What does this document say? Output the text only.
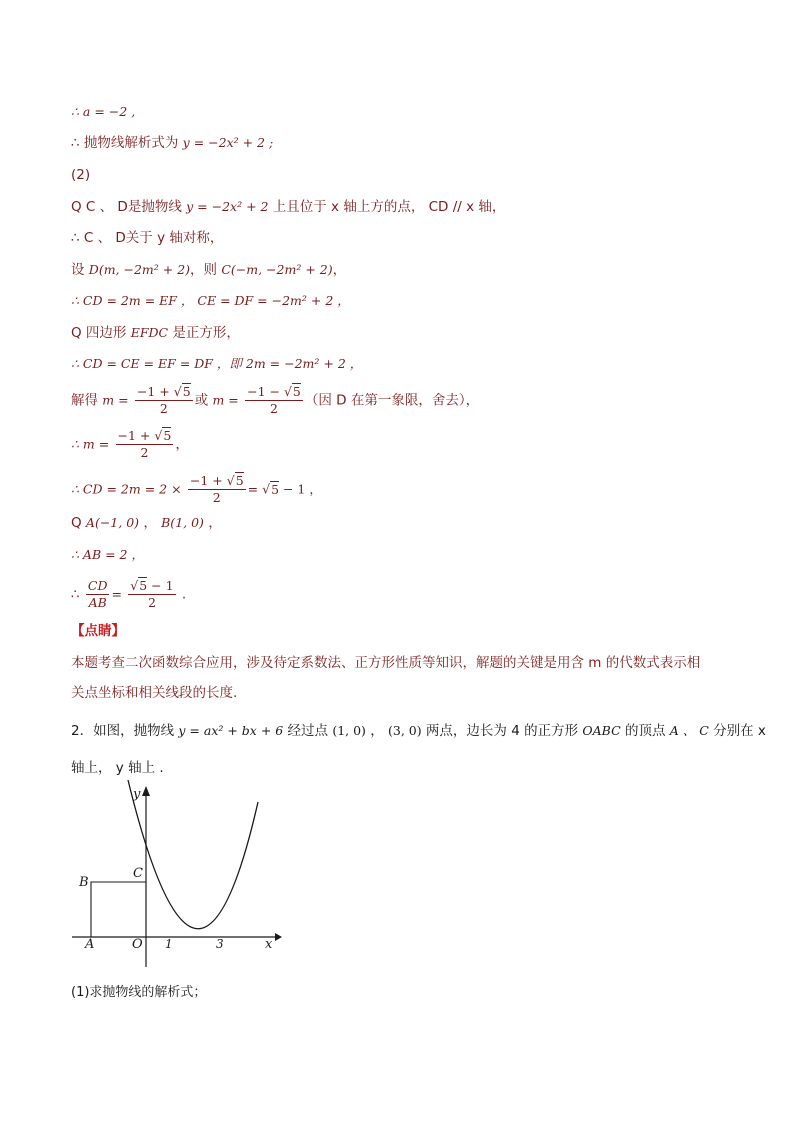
∴ a = −2 ,
∴ 抛物线解析式为 y = −2x² + 2 ;
(2)
Q C 、 D是抛物线 y = −2x² + 2 上且位于 x 轴上方的点， CD // x 轴，
∴ C 、 D关于 y 轴对称，
设 D(m, −2m² + 2)，则 C(−m, −2m² + 2)，
∴ CD = 2m = EF ， CE = DF = −2m² + 2 ，
Q 四边形 EFDC 是正方形，
∴ CD = CE = EF = DF ，即 2m = −2m² + 2 ，
解得 $m = \frac{-1 + √5}{2}$ 或 $m = \frac{-1 - √5}{2}$ （因 D 在第一象限，舍去），
∴ $m = \frac{-1 + √5}{2}$ ，
∴ CD = $2m = 2 \times \frac{-1 + √5}{2} = √5 - 1$ ，
Q A(−1, 0) ， B(1, 0) ，
∴ AB = 2 ，
∴ $\frac{CD}{AB} = \frac{√5 - 1}{2}$ .
【点睛】
本题考查二次函数综合应用，涉及待定系数法、正方形性质等知识，解题的关键是用含 m 的代数式表示相
关点坐标和相关线段的长度.
2．如图，抛物线 y = ax² + bx + 6 经过点 (1, 0) ， (3, 0) 两点，边长为 4 的正方形 OABC 的顶点 A 、 C 分别在 x
轴上， y 轴上 .
y
x
B
C
A	O 1	3
(1)求抛物线的解析式；
